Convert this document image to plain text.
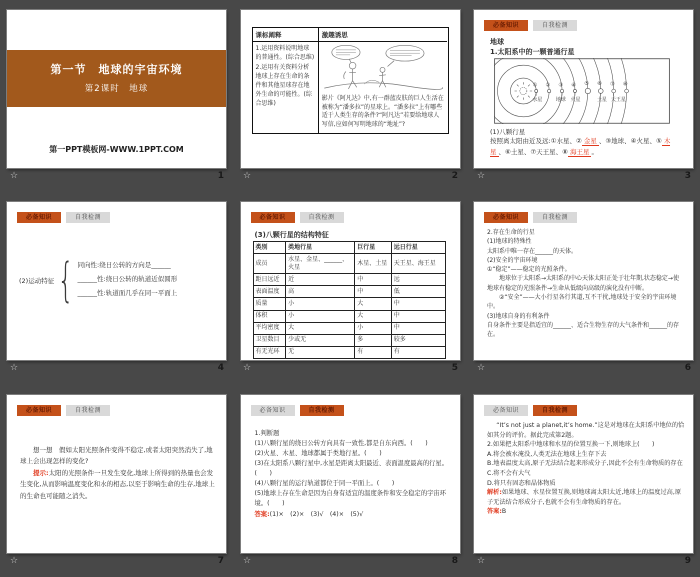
第一节　地球的宇宙环境
第2课时　地球
第一PPT模板网-WWW.1PPT.COM
☆	1
课标阐释	激趣诱思
1.运用资料说明地球的普通性。(综合思维)
2.运用有关资料分析地球上存在生命的条件和其他星球存在地外生命的可能性。(综合思维)
影片《阿凡达》中,有一群蓝皮肤的巨人生活在被称为“潘多拉”的星球上。“潘多拉”上有哪些适于人类生存的条件?“阿凡达”若要给地球人写信,应如何写明地球的“地址”?
☆	2
必备知识	自我检测
地球
1.太阳系中的一颗普通行星
① ② ③ ④ ⑤ ⑥ ⑦ ⑧
水星 地球 火星 土星 天王星
(1)八颗行星
按照离太阳由近及远:①水星、② 金星 、③地球、④火星、⑤ 木星 、⑥土星、⑦天王星、⑧ 海王星 。
☆	3
必备知识	自我检测
(2)运动特征 { 同向性:绕日公转的方向是______
______性:绕日公转的轨道近似圆形
______性:轨道面几乎在同一平面上
☆	4
必备知识	自我检测
(3)八颗行星的结构特征
类别	类地行星	巨行星	远日行星
成员	水星、金星、______、火星	木星、土星	天王星、海王星
距日远近	近	中	远
表面温度	高	中	低
质量	小	大	中
体积	小	大	中
平均密度	大	小	中
卫星数目	少或无	多	较多
有无光环	无	有	有
☆	5
必备知识	自我检测
2.存在生命的行星
(1)地球的特殊性
太阳系中唯一存在______的天体。
(2)安全的宇宙环境
①“稳定”——稳定的光照条件。
地球位于太阳系→太阳系的中心天体太阳正处于壮年期,状态稳定→使地球有稳定的光照条件→生命从低级向高级的演化没有中断。
②“安全”——大小行星各行其道,互不干扰,地球处于安全的宇宙环境中。
(3)地球自身的有利条件
自身条件主要是指适宜的______、适合生物生存的大气条件和______的存在。
☆	6
必备知识	自我检测
想一想　假如太阳光照条件变得不稳定,或者太阳突然消失了,地球上会出现怎样的变化?
提示:太阳的光照条件一旦发生变化,地球上所得到的热量也会发生变化,从而影响温度变化和水的相态,以至于影响生命的生存,地球上的生命也可能随之消失。
☆	7
必备知识	自我检测
1.判断题
(1)八颗行星的绕日公转方向具有一致性,都是自东向西。(　　)
(2)火星、木星、地球都属于类地行星。(　　)
(3)在太阳系八颗行星中,水星是距离太阳最近、表面温度最高的行星。(　　)
(4)八颗行星的运行轨道都位于同一平面上。(　　)
(5)地球上存在生命是因为自身有适宜的温度条件和安全稳定的宇宙环境。(　　)
答案:(1)×　(2)×　(3)√　(4)×　(5)√
☆	8
必备知识	自我检测
“It’s not just a planet,it’s home.”这是对地球在太阳系中地位的恰如其分的评价。据此完成第2题。
2.如果把太阳系中地球和水星的位置互换一下,则地球上(　　)
A.将会被水淹没,人类无法在地球上生存下去
B.地表温度太高,原子无法结合起来形成分子,因此不会有生命物质的存在
C.将不会有大气
D.将只有固态和晶体物质
解析:如果地球、水星位置互换,则地球离太阳太近,地球上的温度过高,原子无法结合形成分子,也就不会有生命物质的存在。
答案:B
☆	9
